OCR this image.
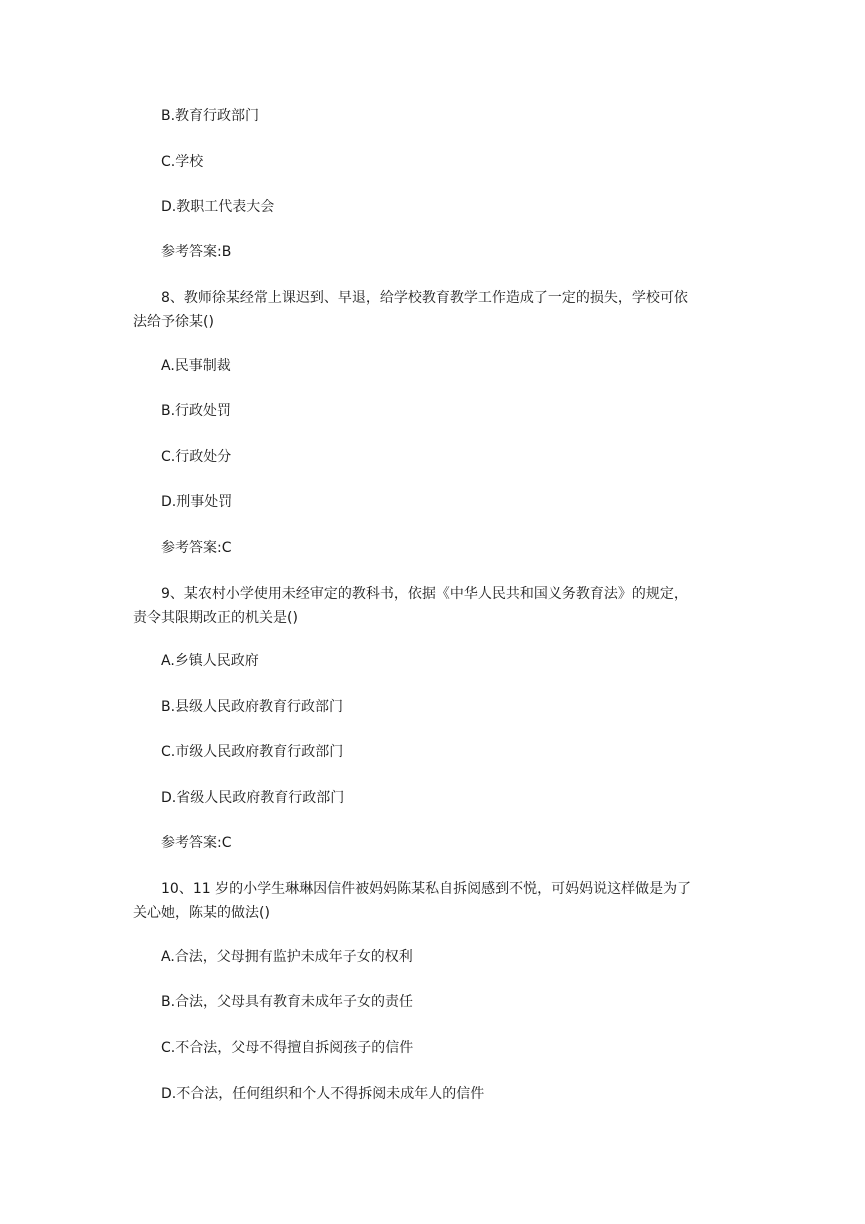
B.教育行政部门
C.学校
D.教职工代表大会
参考答案:B
8、教师徐某经常上课迟到、早退，给学校教育教学工作造成了一定的损失，学校可依
法给予徐某()
A.民事制裁
B.行政处罚
C.行政处分
D.刑事处罚
参考答案:C
9、某农村小学使用未经审定的教科书，依据《中华人民共和国义务教育法》的规定，
责令其限期改正的机关是()
A.乡镇人民政府
B.县级人民政府教育行政部门
C.市级人民政府教育行政部门
D.省级人民政府教育行政部门
参考答案:C
10、11 岁的小学生琳琳因信件被妈妈陈某私自拆阅感到不悦，可妈妈说这样做是为了
关心她，陈某的做法()
A.合法，父母拥有监护未成年子女的权利
B.合法，父母具有教育未成年子女的责任
C.不合法，父母不得擅自拆阅孩子的信件
D.不合法，任何组织和个人不得拆阅未成年人的信件
